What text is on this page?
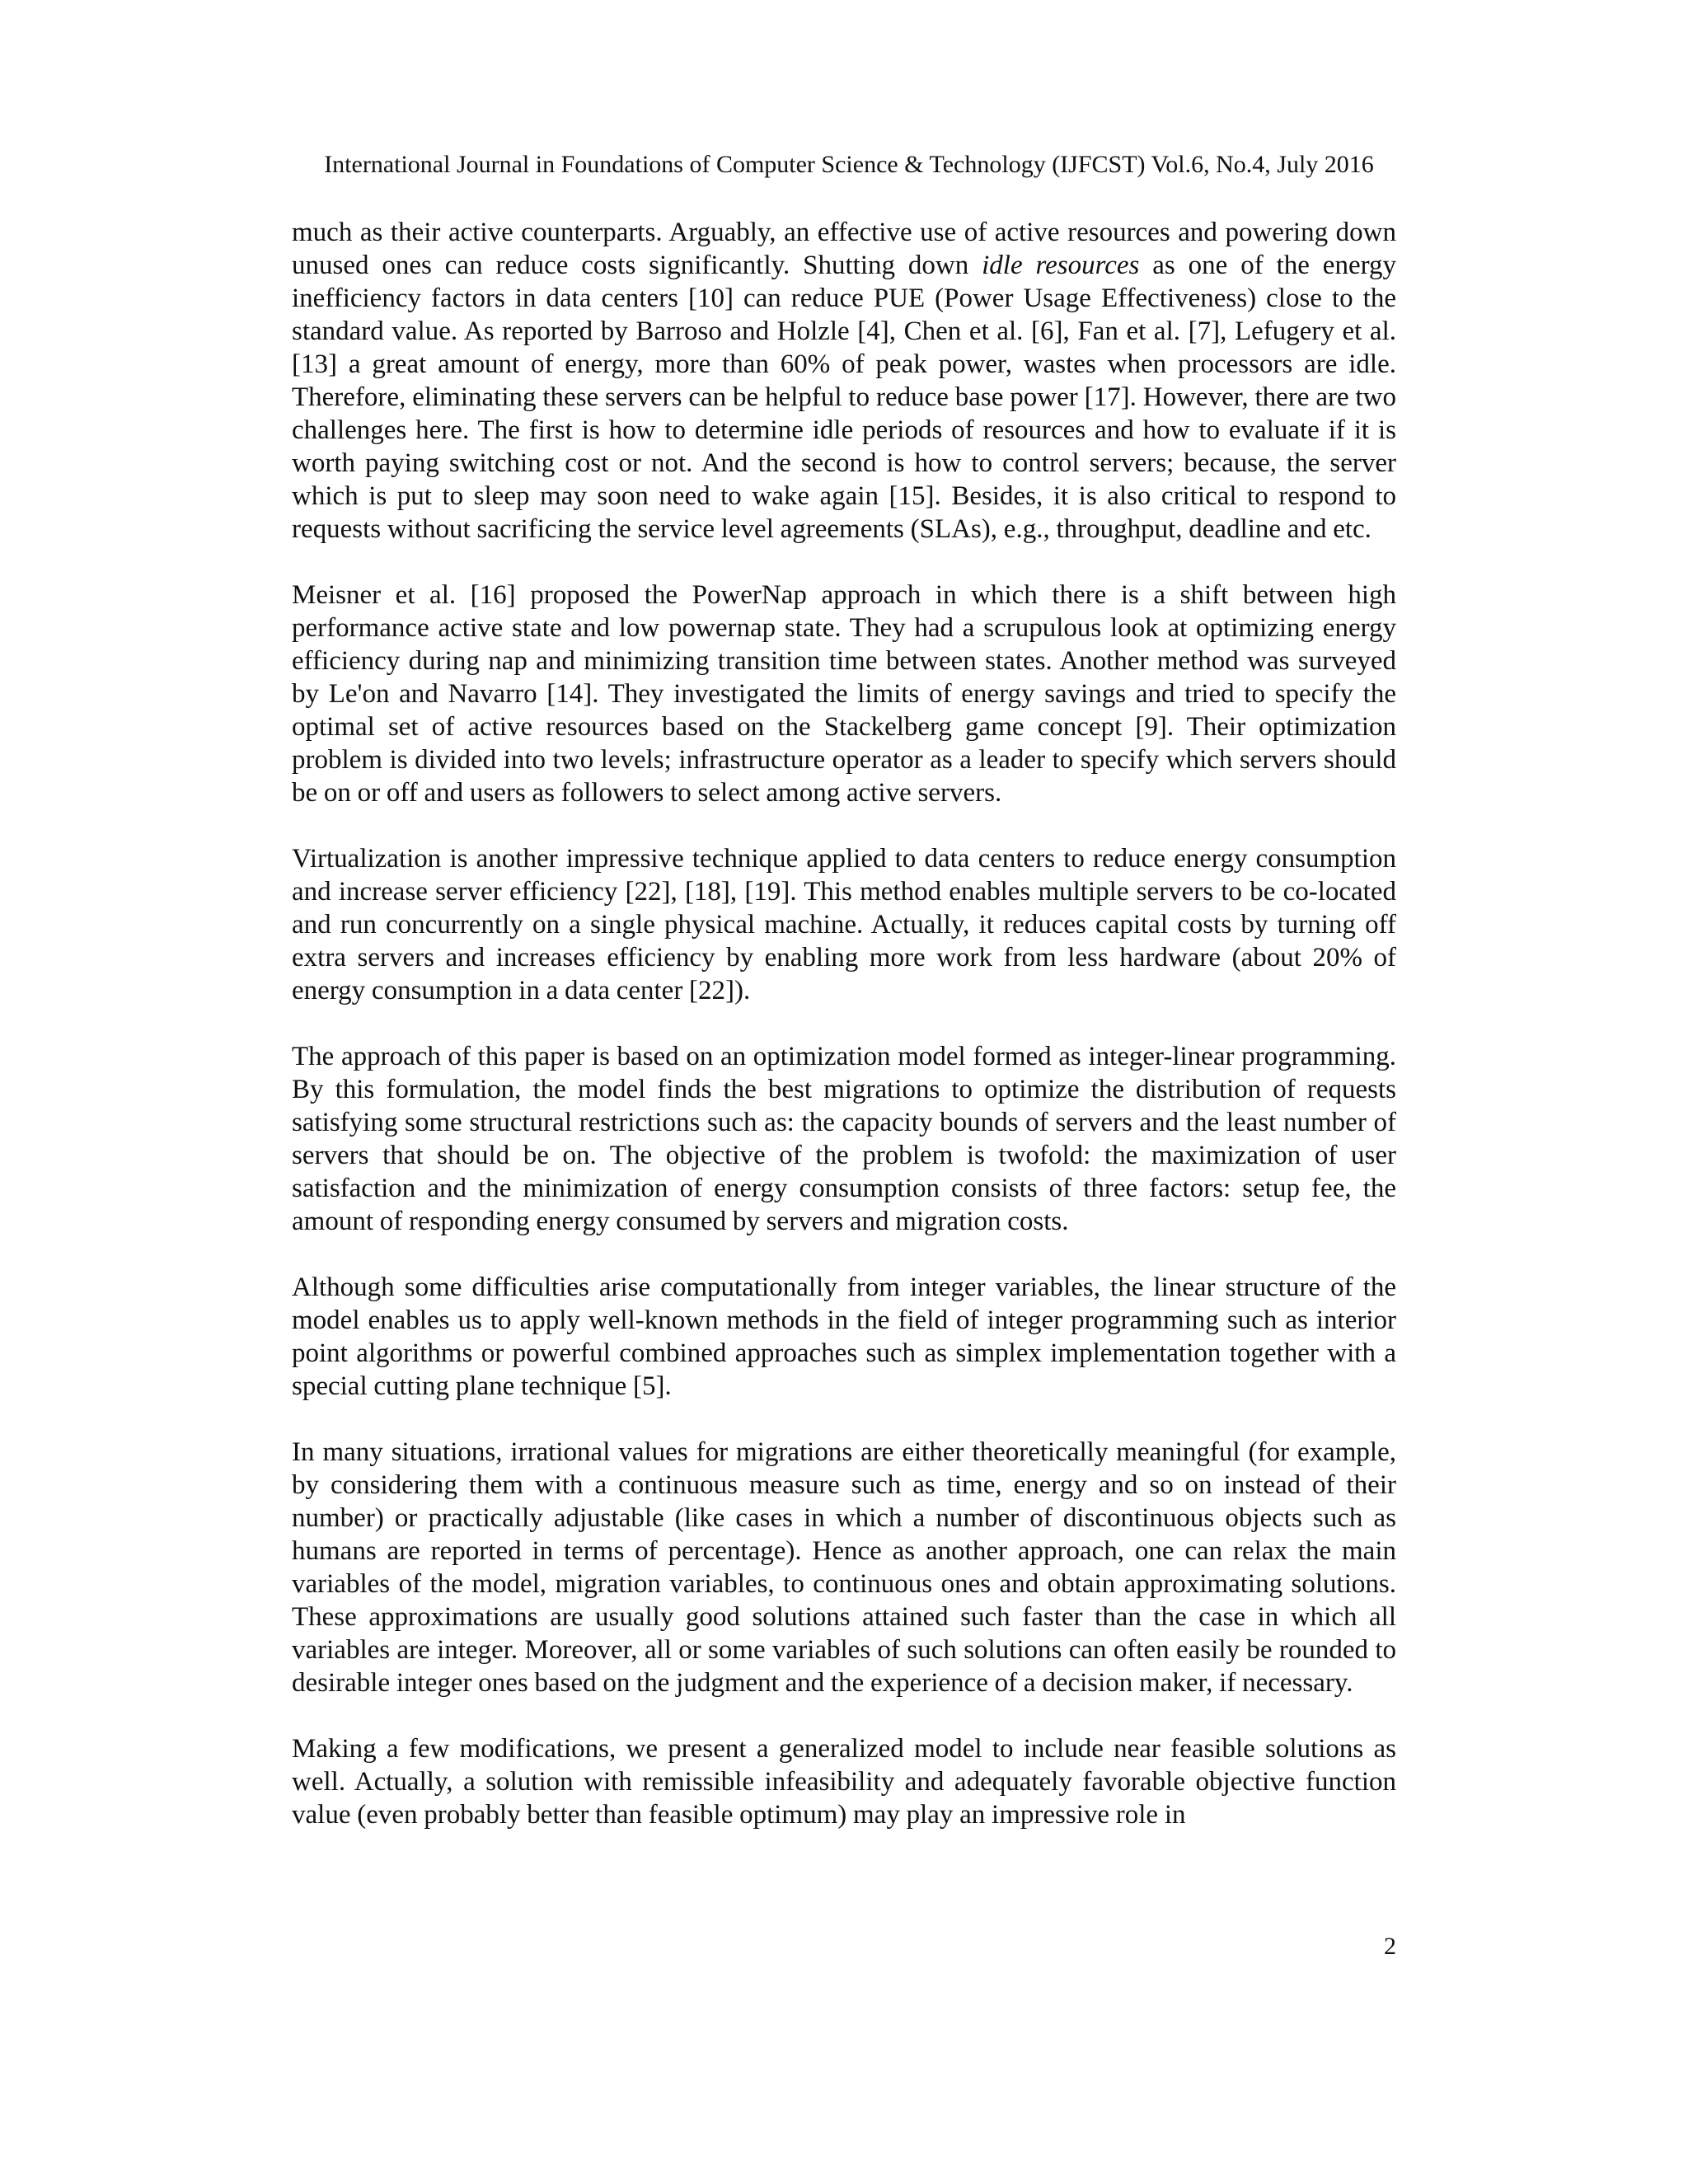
International Journal in Foundations of Computer Science & Technology (IJFCST) Vol.6, No.4, July 2016

much as their active counterparts. Arguably, an effective use of active resources and powering down unused ones can reduce costs significantly. Shutting down idle resources as one of the energy inefficiency factors in data centers [10] can reduce PUE (Power Usage Effectiveness) close to the standard value. As reported by Barroso and Holzle [4], Chen et al. [6], Fan et al. [7], Lefugery et al. [13] a great amount of energy, more than 60% of peak power, wastes when processors are idle. Therefore, eliminating these servers can be helpful to reduce base power [17]. However, there are two challenges here. The first is how to determine idle periods of resources and how to evaluate if it is worth paying switching cost or not. And the second is how to control servers; because, the server which is put to sleep may soon need to wake again [15]. Besides, it is also critical to respond to requests without sacrificing the service level agreements (SLAs), e.g., throughput, deadline and etc.

Meisner et al. [16] proposed the PowerNap approach in which there is a shift between high performance active state and low powernap state. They had a scrupulous look at optimizing energy efficiency during nap and minimizing transition time between states. Another method was surveyed by Le'on and Navarro [14]. They investigated the limits of energy savings and tried to specify the optimal set of active resources based on the Stackelberg game concept [9]. Their optimization problem is divided into two levels; infrastructure operator as a leader to specify which servers should be on or off and users as followers to select among active servers.

Virtualization is another impressive technique applied to data centers to reduce energy consumption and increase server efficiency [22], [18], [19]. This method enables multiple servers to be co-located and run concurrently on a single physical machine. Actually, it reduces capital costs by turning off extra servers and increases efficiency by enabling more work from less hardware (about 20% of energy consumption in a data center [22]).

The approach of this paper is based on an optimization model formed as integer-linear programming. By this formulation, the model finds the best migrations to optimize the distribution of requests satisfying some structural restrictions such as: the capacity bounds of servers and the least number of servers that should be on. The objective of the problem is twofold: the maximization of user satisfaction and the minimization of energy consumption consists of three factors: setup fee, the amount of responding energy consumed by servers and migration costs.

Although some difficulties arise computationally from integer variables, the linear structure of the model enables us to apply well-known methods in the field of integer programming such as interior point algorithms or powerful combined approaches such as simplex implementation together with a special cutting plane technique [5].

In many situations, irrational values for migrations are either theoretically meaningful (for example, by considering them with a continuous measure such as time, energy and so on instead of their number) or practically adjustable (like cases in which a number of discontinuous objects such as humans are reported in terms of percentage). Hence as another approach, one can relax the main variables of the model, migration variables, to continuous ones and obtain approximating solutions. These approximations are usually good solutions attained such faster than the case in which all variables are integer. Moreover, all or some variables of such solutions can often easily be rounded to desirable integer ones based on the judgment and the experience of a decision maker, if necessary.

Making a few modifications, we present a generalized model to include near feasible solutions as well. Actually, a solution with remissible infeasibility and adequately favorable objective function value (even probably better than feasible optimum) may play an impressive role in

2
